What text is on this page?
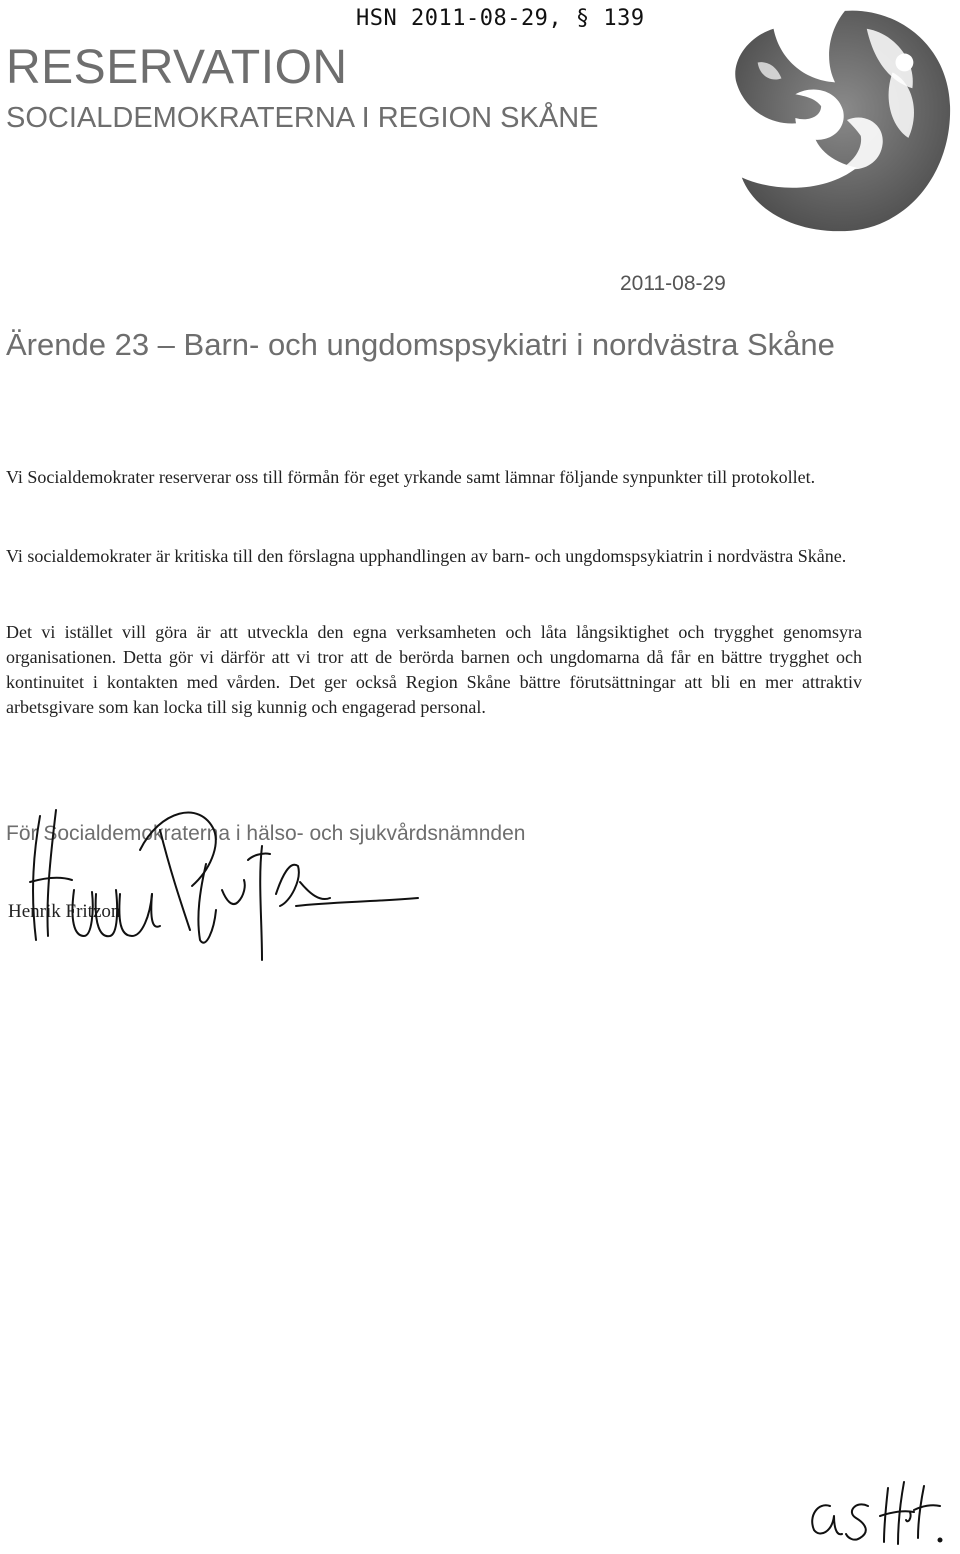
HSN 2011-08-29, § 139
RESERVATION
SOCIALDEMOKRATERNA I REGION SKÅNE
2011-08-29
Ärende 23 – Barn- och ungdomspsykiatri i nordvästra Skåne

Vi Socialdemokrater reserverar oss till förmån för eget yrkande samt lämnar följande synpunkter till protokollet.

Vi socialdemokrater är kritiska till den förslagna upphandlingen av barn- och ungdomspsykiatrin i nordvästra Skåne.

Det vi istället vill göra är att utveckla den egna verksamheten och låta långsiktighet och trygghet genomsyra organisationen. Detta gör vi därför att vi tror att de berörda barnen och ungdomarna då får en bättre trygghet och kontinuitet i kontakten med vården. Det ger också Region Skåne bättre förutsättningar att bli en mer attraktiv arbetsgivare som kan locka till sig kunnig och engagerad personal.

För Socialdemokraterna i hälso- och sjukvårdsnämnden
Henrik Fritzon
